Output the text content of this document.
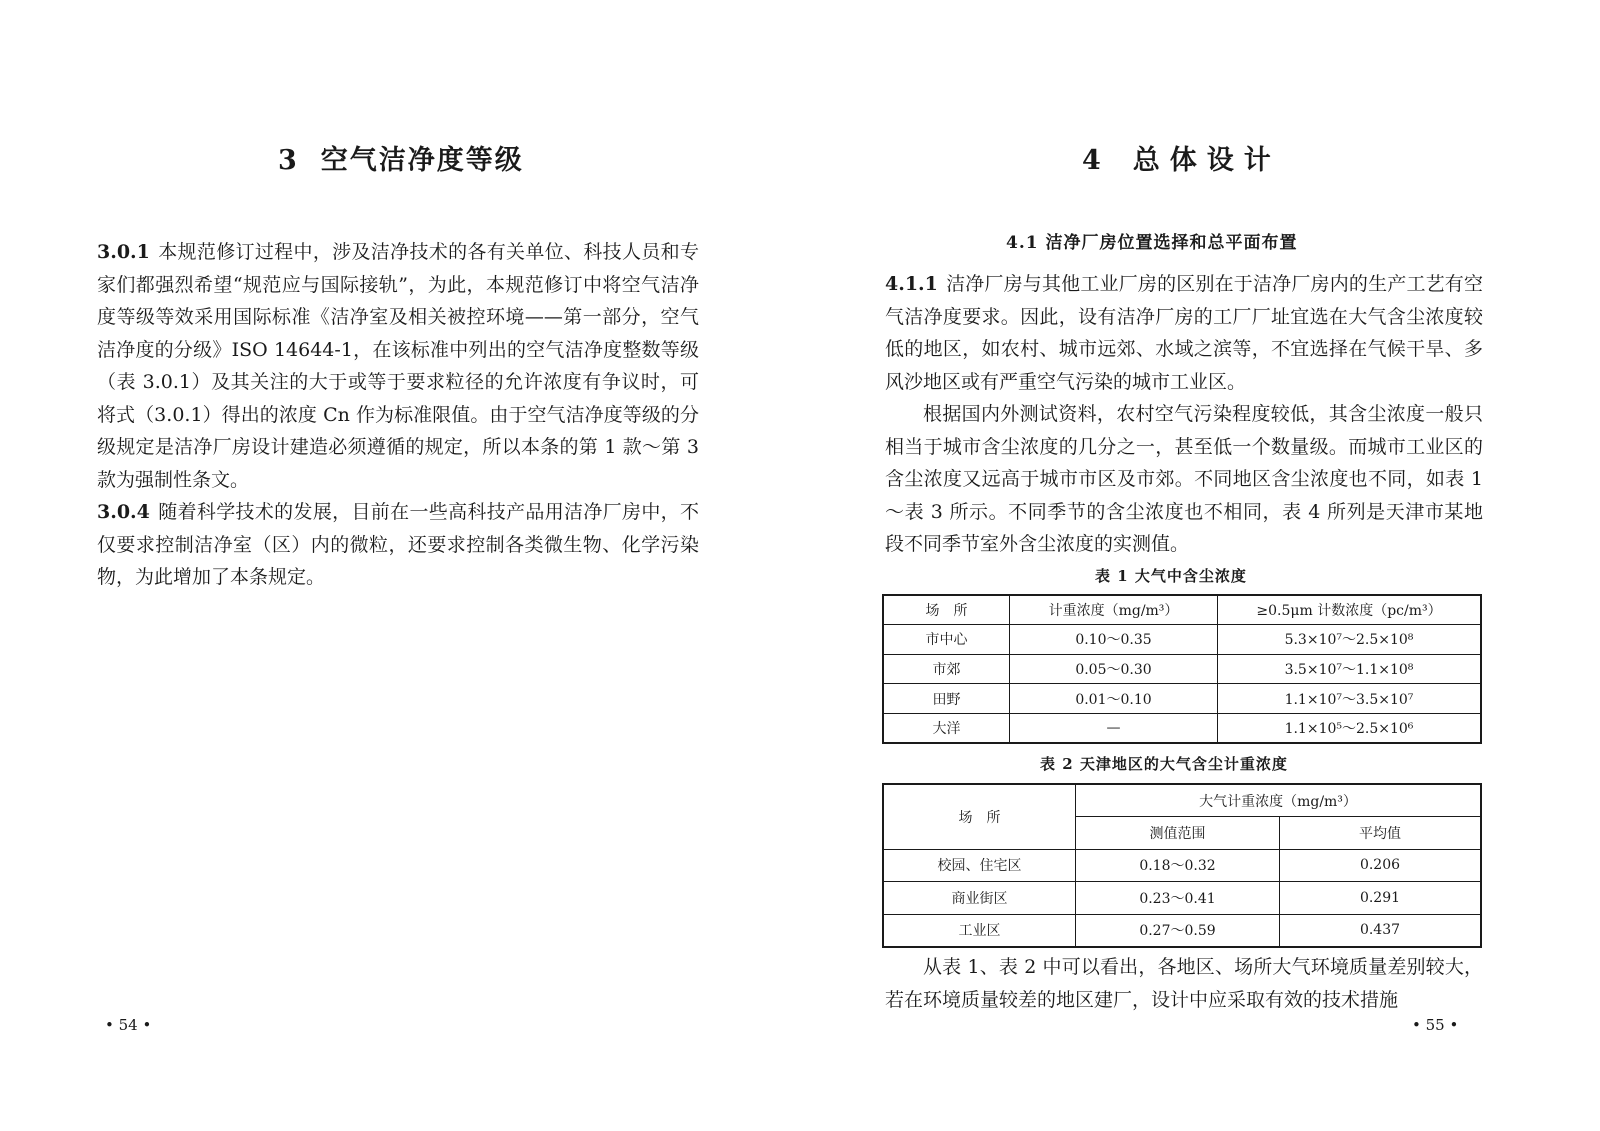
3 空气洁净度等级

3.0.1 本规范修订过程中，涉及洁净技术的各有关单位、科技人员和专家们都强烈希望“规范应与国际接轨”，为此，本规范修订中将空气洁净度等级等效采用国际标准《洁净室及相关被控环境——第一部分，空气洁净度的分级》ISO 14644-1，在该标准中列出的空气洁净度整数等级（表 3.0.1）及其关注的大于或等于要求粒径的允许浓度有争议时，可将式（3.0.1）得出的浓度 Cn 作为标准限值。由于空气洁净度等级的分级规定是洁净厂房设计建造必须遵循的规定，所以本条的第 1 款～第 3 款为强制性条文。

3.0.4 随着科学技术的发展，目前在一些高科技产品用洁净厂房中，不仅要求控制洁净室（区）内的微粒，还要求控制各类微生物、化学污染物，为此增加了本条规定。

• 54 •
4 总体设计
4.1 洁净厂房位置选择和总平面布置

4.1.1 洁净厂房与其他工业厂房的区别在于洁净厂房内的生产工艺有空气洁净度要求。因此，设有洁净厂房的工厂厂址宜选在大气含尘浓度较低的地区，如农村、城市远郊、水域之滨等，不宜选择在气候干旱、多风沙地区或有严重空气污染的城市工业区。

根据国内外测试资料，农村空气污染程度较低，其含尘浓度一般只相当于城市含尘浓度的几分之一，甚至低一个数量级。而城市工业区的含尘浓度又远高于城市市区及市郊。不同地区含尘浓度也不同，如表 1～表 3 所示。不同季节的含尘浓度也不相同，表 4 所列是天津市某地段不同季节室外含尘浓度的实测值。

表 1 大气中含尘浓度
场　所	计重浓度（mg/m³）	≥0.5μm 计数浓度（pc/m³）
市中心	0.10～0.35	5.3×10⁷～2.5×10⁸
市郊	0.05～0.30	3.5×10⁷～1.1×10⁸
田野	0.01～0.10	1.1×10⁷～3.5×10⁷
大洋	—	1.1×10⁵～2.5×10⁶
表 2 天津地区的大气含尘计重浓度
场　所	大气计重浓度（mg/m³）	
	测值范围	平均值
校园、住宅区	0.18～0.32	0.206
商业街区	0.23～0.41	0.291
工业区	0.27～0.59	0.437

从表 1、表 2 中可以看出，各地区、场所大气环境质量差别较大，若在环境质量较差的地区建厂，设计中应采取有效的技术措施

• 55 •
